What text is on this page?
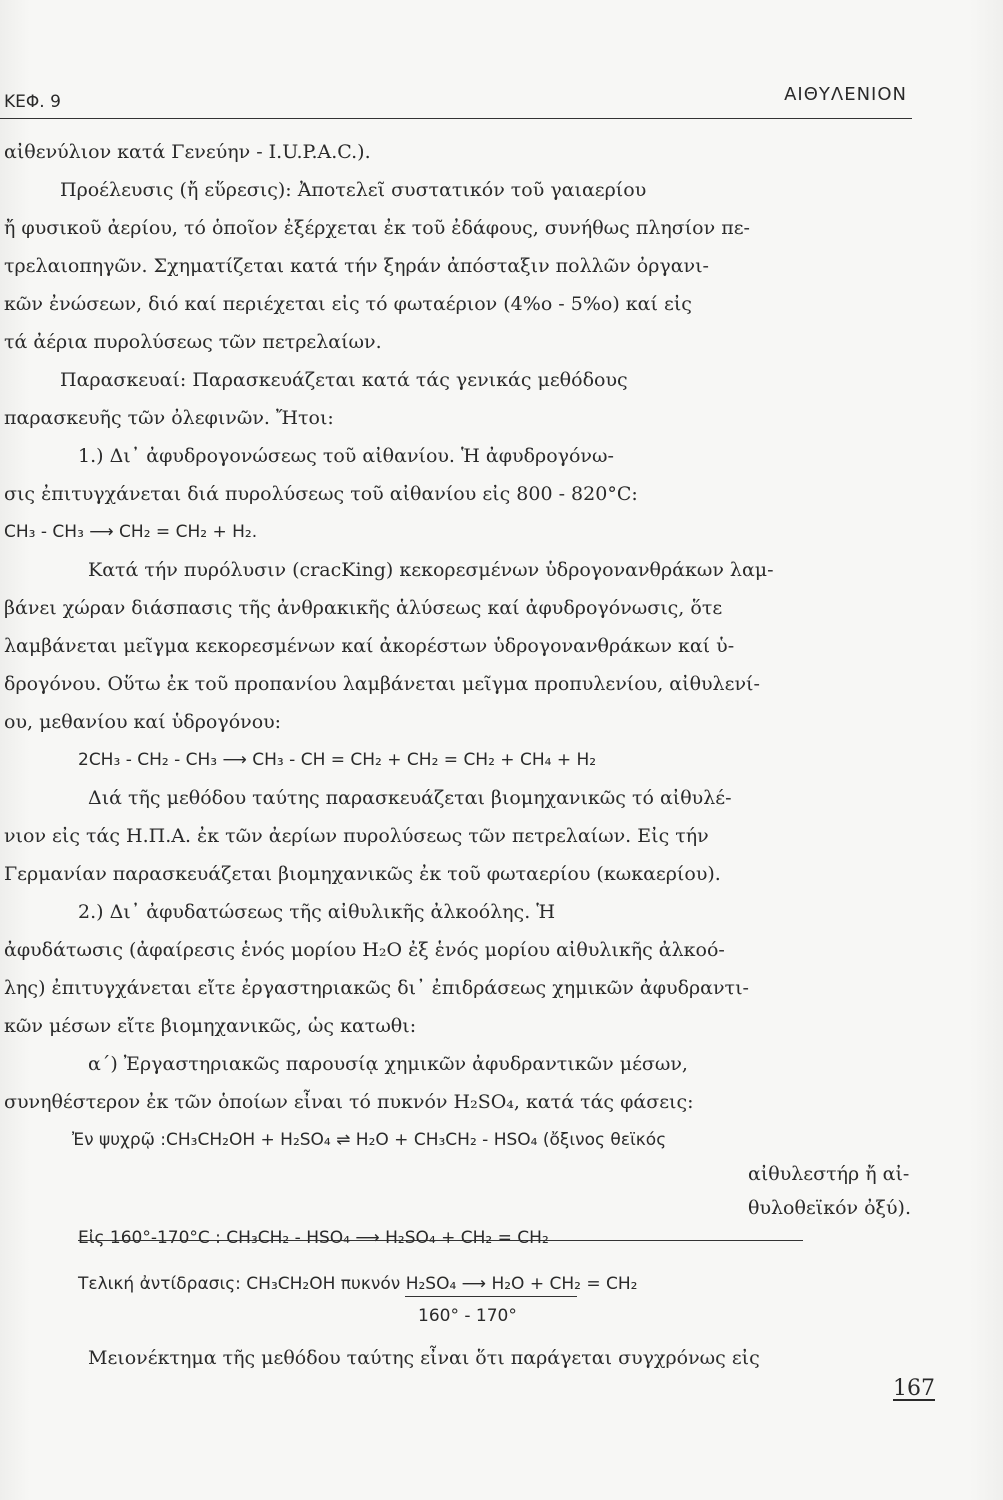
ΚΕΦ. 9	ΑΙΘΥΛΕΝΙΟΝ
αἰθενύλιον κατά Γενεύην - I.U.P.A.C.).
Προέλευσις (ἤ εὕρεσις): Ἀποτελεῖ συστατικόν τοῦ γαιαερίου
ἤ φυσικοῦ ἀερίου, τό ὁποῖον ἐξέρχεται ἐκ τοῦ ἐδάφους, συνήθως πλησίον πε-
τρελαιοπηγῶν. Σχηματίζεται κατά τήν ξηράν ἀπόσταξιν πολλῶν ὀργανι-
κῶν ἐνώσεων, διό καί περιέχεται εἰς τό φωταέριον (4%ο - 5%ο) καί εἰς
τά ἀέρια πυρολύσεως τῶν πετρελαίων.
Παρασκευαί: Παρασκευάζεται κατά τάς γενικάς μεθόδους
παρασκευῆς τῶν ὀλεφινῶν. Ἤτοι:
1.) Δι᾽ ἀφυδρογονώσεως τοῦ αἰθανίου. Ἡ ἀφυδρογόνω-
σις ἐπιτυγχάνεται διά πυρολύσεως τοῦ αἰθανίου εἰς 800 - 820°C:
CH₃ - CH₃ ⟶ CH₂ = CH₂ + H₂.
Κατά τήν πυρόλυσιν (cracKing) κεκορεσμένων ὑδρογονανθράκων λαμ-
βάνει χώραν διάσπασις τῆς ἀνθρακικῆς ἁλύσεως καί ἀφυδρογόνωσις, ὅτε
λαμβάνεται μεῖγμα κεκορεσμένων καί ἀκορέστων ὑδρογονανθράκων καί ὑ-
δρογόνου. Οὕτω ἐκ τοῦ προπανίου λαμβάνεται μεῖγμα προπυλενίου, αἰθυλενί-
ου, μεθανίου καί ὑδρογόνου:
2CH₃ - CH₂ - CH₃ ⟶ CH₃ - CH = CH₂ + CH₂ = CH₂ + CH₄ + H₂
Διά τῆς μεθόδου ταύτης παρασκευάζεται βιομηχανικῶς τό αἰθυλέ-
νιον εἰς τάς Η.Π.Α. ἐκ τῶν ἀερίων πυρολύσεως τῶν πετρελαίων. Εἰς τήν
Γερμανίαν παρασκευάζεται βιομηχανικῶς ἐκ τοῦ φωταερίου (κωκαερίου).
2.) Δι᾽ ἀφυδατώσεως τῆς αἰθυλικῆς ἀλκοόλης. Ἡ
ἀφυδάτωσις (ἀφαίρεσις ἑνός μορίου H₂O ἐξ ἑνός μορίου αἰθυλικῆς ἀλκοό-
λης) ἐπιτυγχάνεται εἴτε ἐργαστηριακῶς δι᾽ ἐπιδράσεως χημικῶν ἀφυδραντι-
κῶν μέσων εἴτε βιομηχανικῶς, ὡς κατωθι:
α΄) Ἐργαστηριακῶς παρουσίᾳ χημικῶν ἀφυδραντικῶν μέσων,
συνηθέστερον ἐκ τῶν ὁποίων εἶναι τό πυκνόν H₂SO₄, κατά τάς φάσεις:
Ἐν ψυχρῷ :CH₃CH₂OH + H₂SO₄ ⇌ H₂O + CH₃CH₂ - HSO₄ (ὄξινος θεϊκός
αἰθυλεστήρ ἤ αἰ-
θυλοθεϊκόν ὀξύ).
Εἰς 160°-170°C : CH₃CH₂ - HSO₄ ⟶ H₂SO₄ + CH₂ = CH₂
Τελική ἀντίδρασις: CH₃CH₂OH πυκνόν H₂SO₄ ⟶ H₂O + CH₂ = CH₂
160° - 170°
Μειονέκτημα τῆς μεθόδου ταύτης εἶναι ὅτι παράγεται συγχρόνως εἰς
167
